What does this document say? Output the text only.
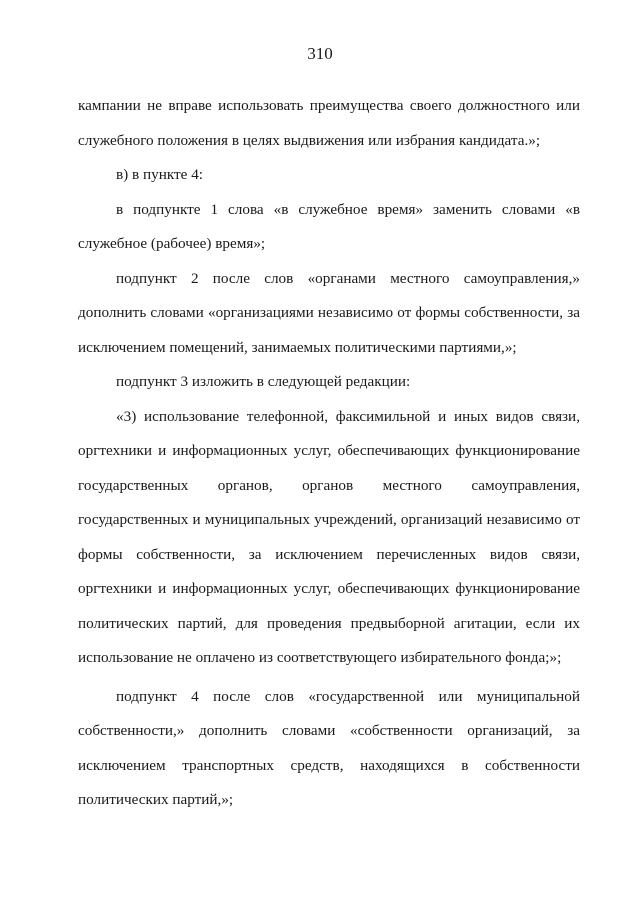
310

кампании не вправе использовать преимущества своего должностного или служебного положения в целях выдвижения или избрания кандидата.»;

в) в пункте 4:

в подпункте 1 слова «в служебное время» заменить словами «в служебное (рабочее) время»;

подпункт 2 после слов «органами местного самоуправления,» дополнить словами «организациями независимо от формы собственности, за исключением помещений, занимаемых политическими партиями,»;

подпункт 3 изложить в следующей редакции:

«3) использование телефонной, факсимильной и иных видов связи, оргтехники и информационных услуг, обеспечивающих функционирование государственных органов, органов местного самоуправления, государственных и муниципальных учреждений, организаций независимо от формы собственности, за исключением перечисленных видов связи, оргтехники и информационных услуг, обеспечивающих функционирование политических партий, для проведения предвыборной агитации, если их использование не оплачено из соответствующего избирательного фонда;»;

подпункт 4 после слов «государственной или муниципальной собственности,» дополнить словами «собственности организаций, за исключением транспортных средств, находящихся в собственности политических партий,»;
